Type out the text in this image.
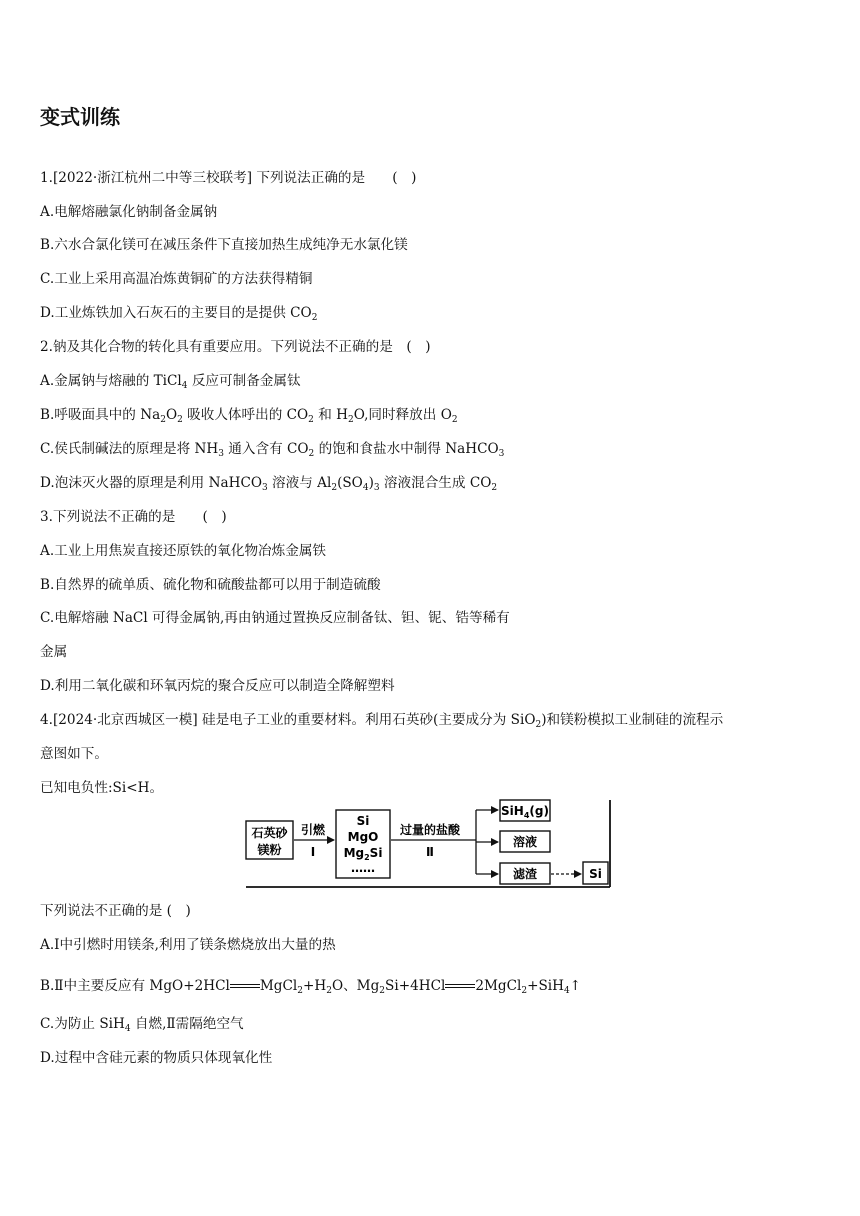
变式训练
1.[2022·浙江杭州二中等三校联考] 下列说法正确的是　　(　)
A.电解熔融氯化钠制备金属钠
B.六水合氯化镁可在减压条件下直接加热生成纯净无水氯化镁
C.工业上采用高温冶炼黄铜矿的方法获得精铜
D.工业炼铁加入石灰石的主要目的是提供 $CO_2$
2.钠及其化合物的转化具有重要应用。下列说法不正确的是　(　)
A.金属钠与熔融的 TiCl$_4$ 反应可制备金属钛
B.呼吸面具中的 $Na_2O_2$ 吸收人体呼出的 $CO_2$ 和 $H_2O$,同时释放出 $O_2$
C.侯氏制碱法的原理是将 $NH_3$ 通入含有 $CO_2$ 的饱和食盐水中制得 NaHCO$_3$
D.泡沫灭火器的原理是利用 NaHCO$_3$ 溶液与 $Al_2(SO_4)_3$ 溶液混合生成 $CO_2$
3.下列说法不正确的是　　(　)
A.工业上用焦炭直接还原铁的氧化物冶炼金属铁
B.自然界的硫单质、硫化物和硫酸盐都可以用于制造硫酸
C.电解熔融 NaCl 可得金属钠,再由钠通过置换反应制备钛、钽、铌、锆等稀有
金属
D.利用二氧化碳和环氧丙烷的聚合反应可以制造全降解塑料
4.[2024·北京西城区一模] 硅是电子工业的重要材料。利用石英砂(主要成分为 SiO$_2$)和镁粉模拟工业制硅的流程示
意图如下。
已知电负性:Si<H。
石英砂
镁粉
引燃
Ⅰ
Si
MgO
$Mg_2Si$
……
过量的盐酸
Ⅱ
SiH$_4$(g)
溶液
滤渣	Si
下列说法不正确的是 (　)
A.Ⅰ中引燃时用镁条,利用了镁条燃烧放出大量的热
B.Ⅱ中主要反应有 MgO+2HCl $MgCl_2+H_2O$、$Mg_2Si+4HCl$ 2MgCl$_2$+SiH$_4$↑
C.为防止 SiH$_4$ 自燃,Ⅱ需隔绝空气
D.过程中含硅元素的物质只体现氧化性
